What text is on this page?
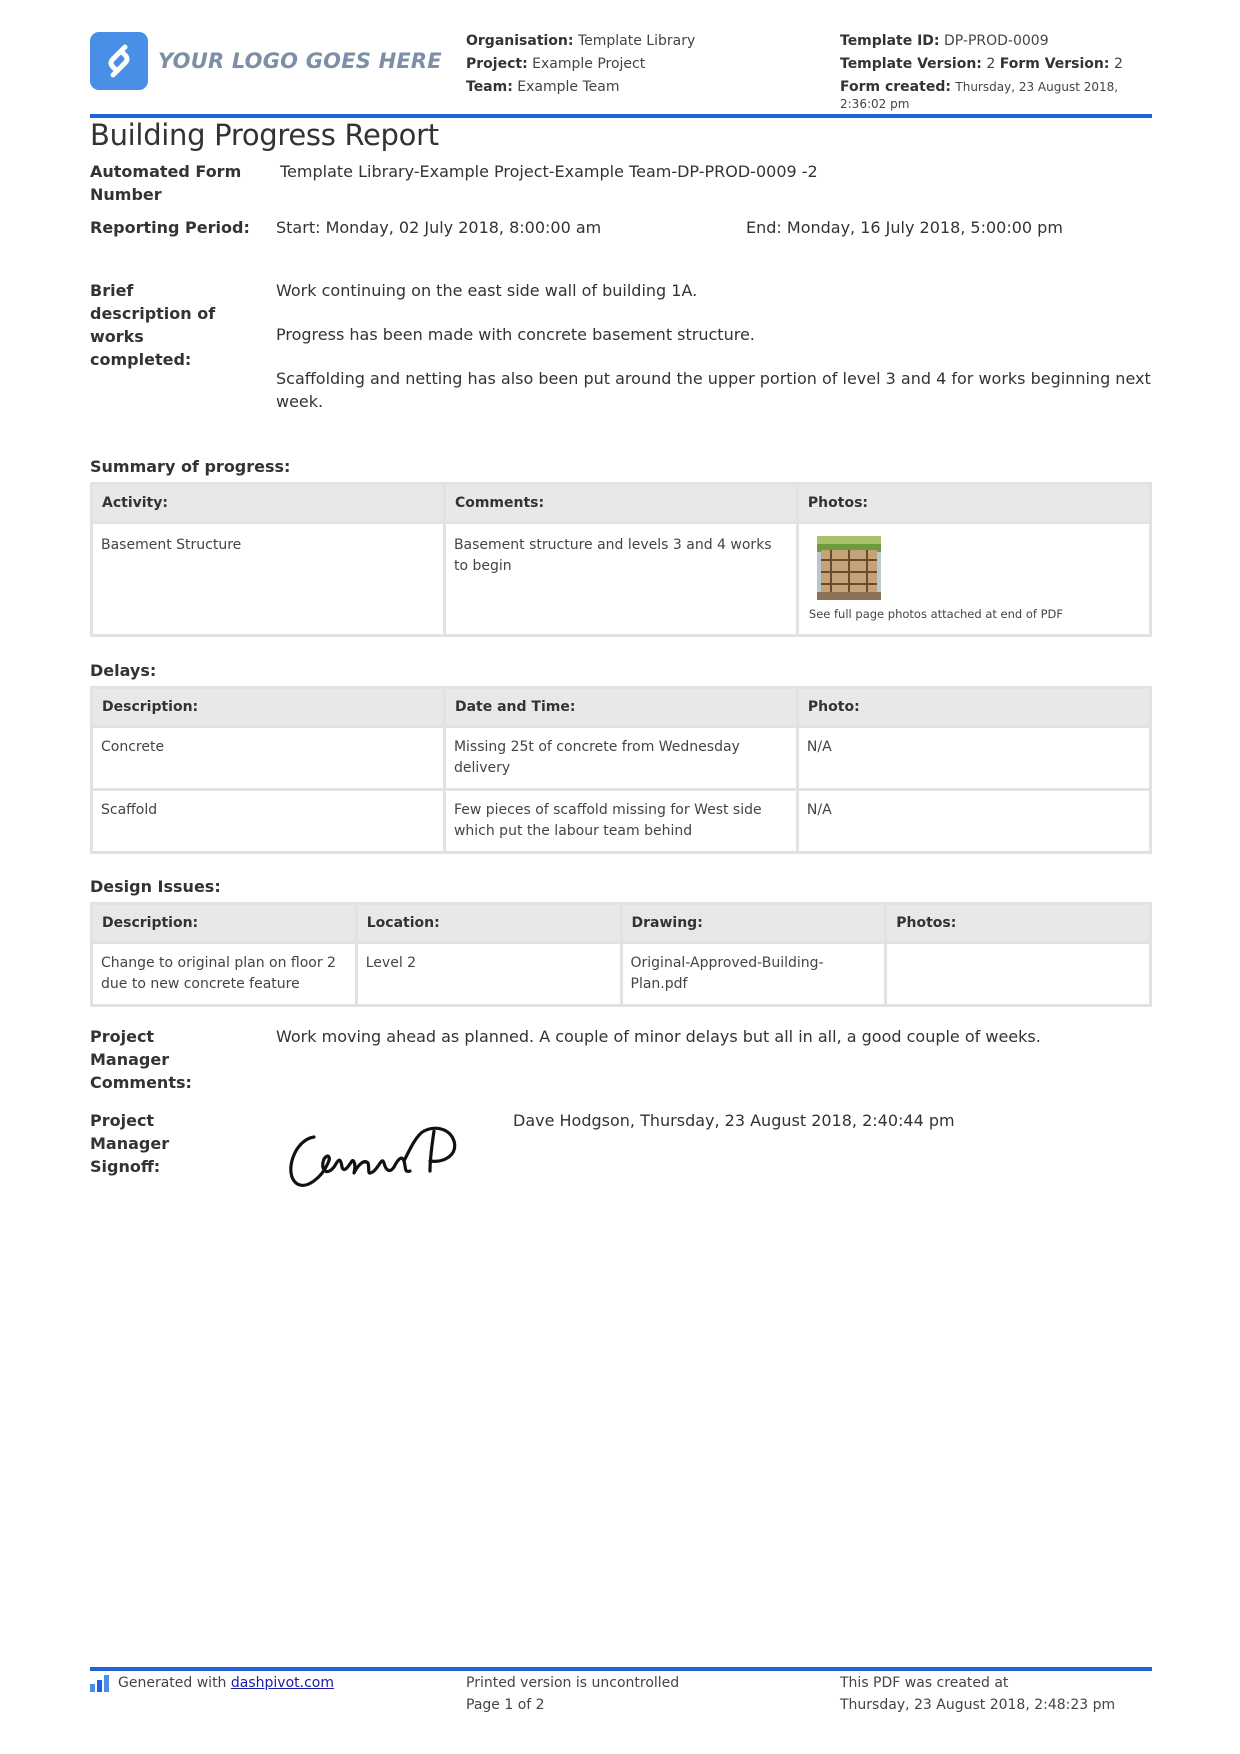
YOUR LOGO GOES HERE
Organisation: Template Library
Project: Example Project
Team: Example Team
Template ID: DP-PROD-0009
Template Version: 2 Form Version: 2
Form created: Thursday, 23 August 2018, 2:36:02 pm
Building Progress Report
Automated Form Number
Template Library-Example Project-Example Team-DP-PROD-0009 -2
Reporting Period:	Start: Monday, 02 July 2018, 8:00:00 am	End: Monday, 16 July 2018, 5:00:00 pm
Brief description of works completed:
Work continuing on the east side wall of building 1A.
Progress has been made with concrete basement structure.
Scaffolding and netting has also been put around the upper portion of level 3 and 4 for works beginning next week.
Summary of progress:
Activity:	Comments:	Photos:
Basement Structure	Basement structure and levels 3 and 4 works to begin	See full page photos attached at end of PDF
Delays:
Description:	Date and Time:	Photo:
Concrete	Missing 25t of concrete from Wednesday delivery	N/A
Scaffold	Few pieces of scaffold missing for West side which put the labour team behind	N/A
Design Issues:
Description:	Location:	Drawing:	Photos:
Change to original plan on floor 2 due to new concrete feature	Level 2	Original-Approved-Building-Plan.pdf	
Project Manager Comments:
Work moving ahead as planned. A couple of minor delays but all in all, a good couple of weeks.
Project Manager Signoff:
Dave Hodgson, Thursday, 23 August 2018, 2:40:44 pm
Generated with
dashpivot.com	Printed version is uncontrolled
Page 1 of 2
This PDF was created at
Thursday, 23 August 2018, 2:48:23 pm
